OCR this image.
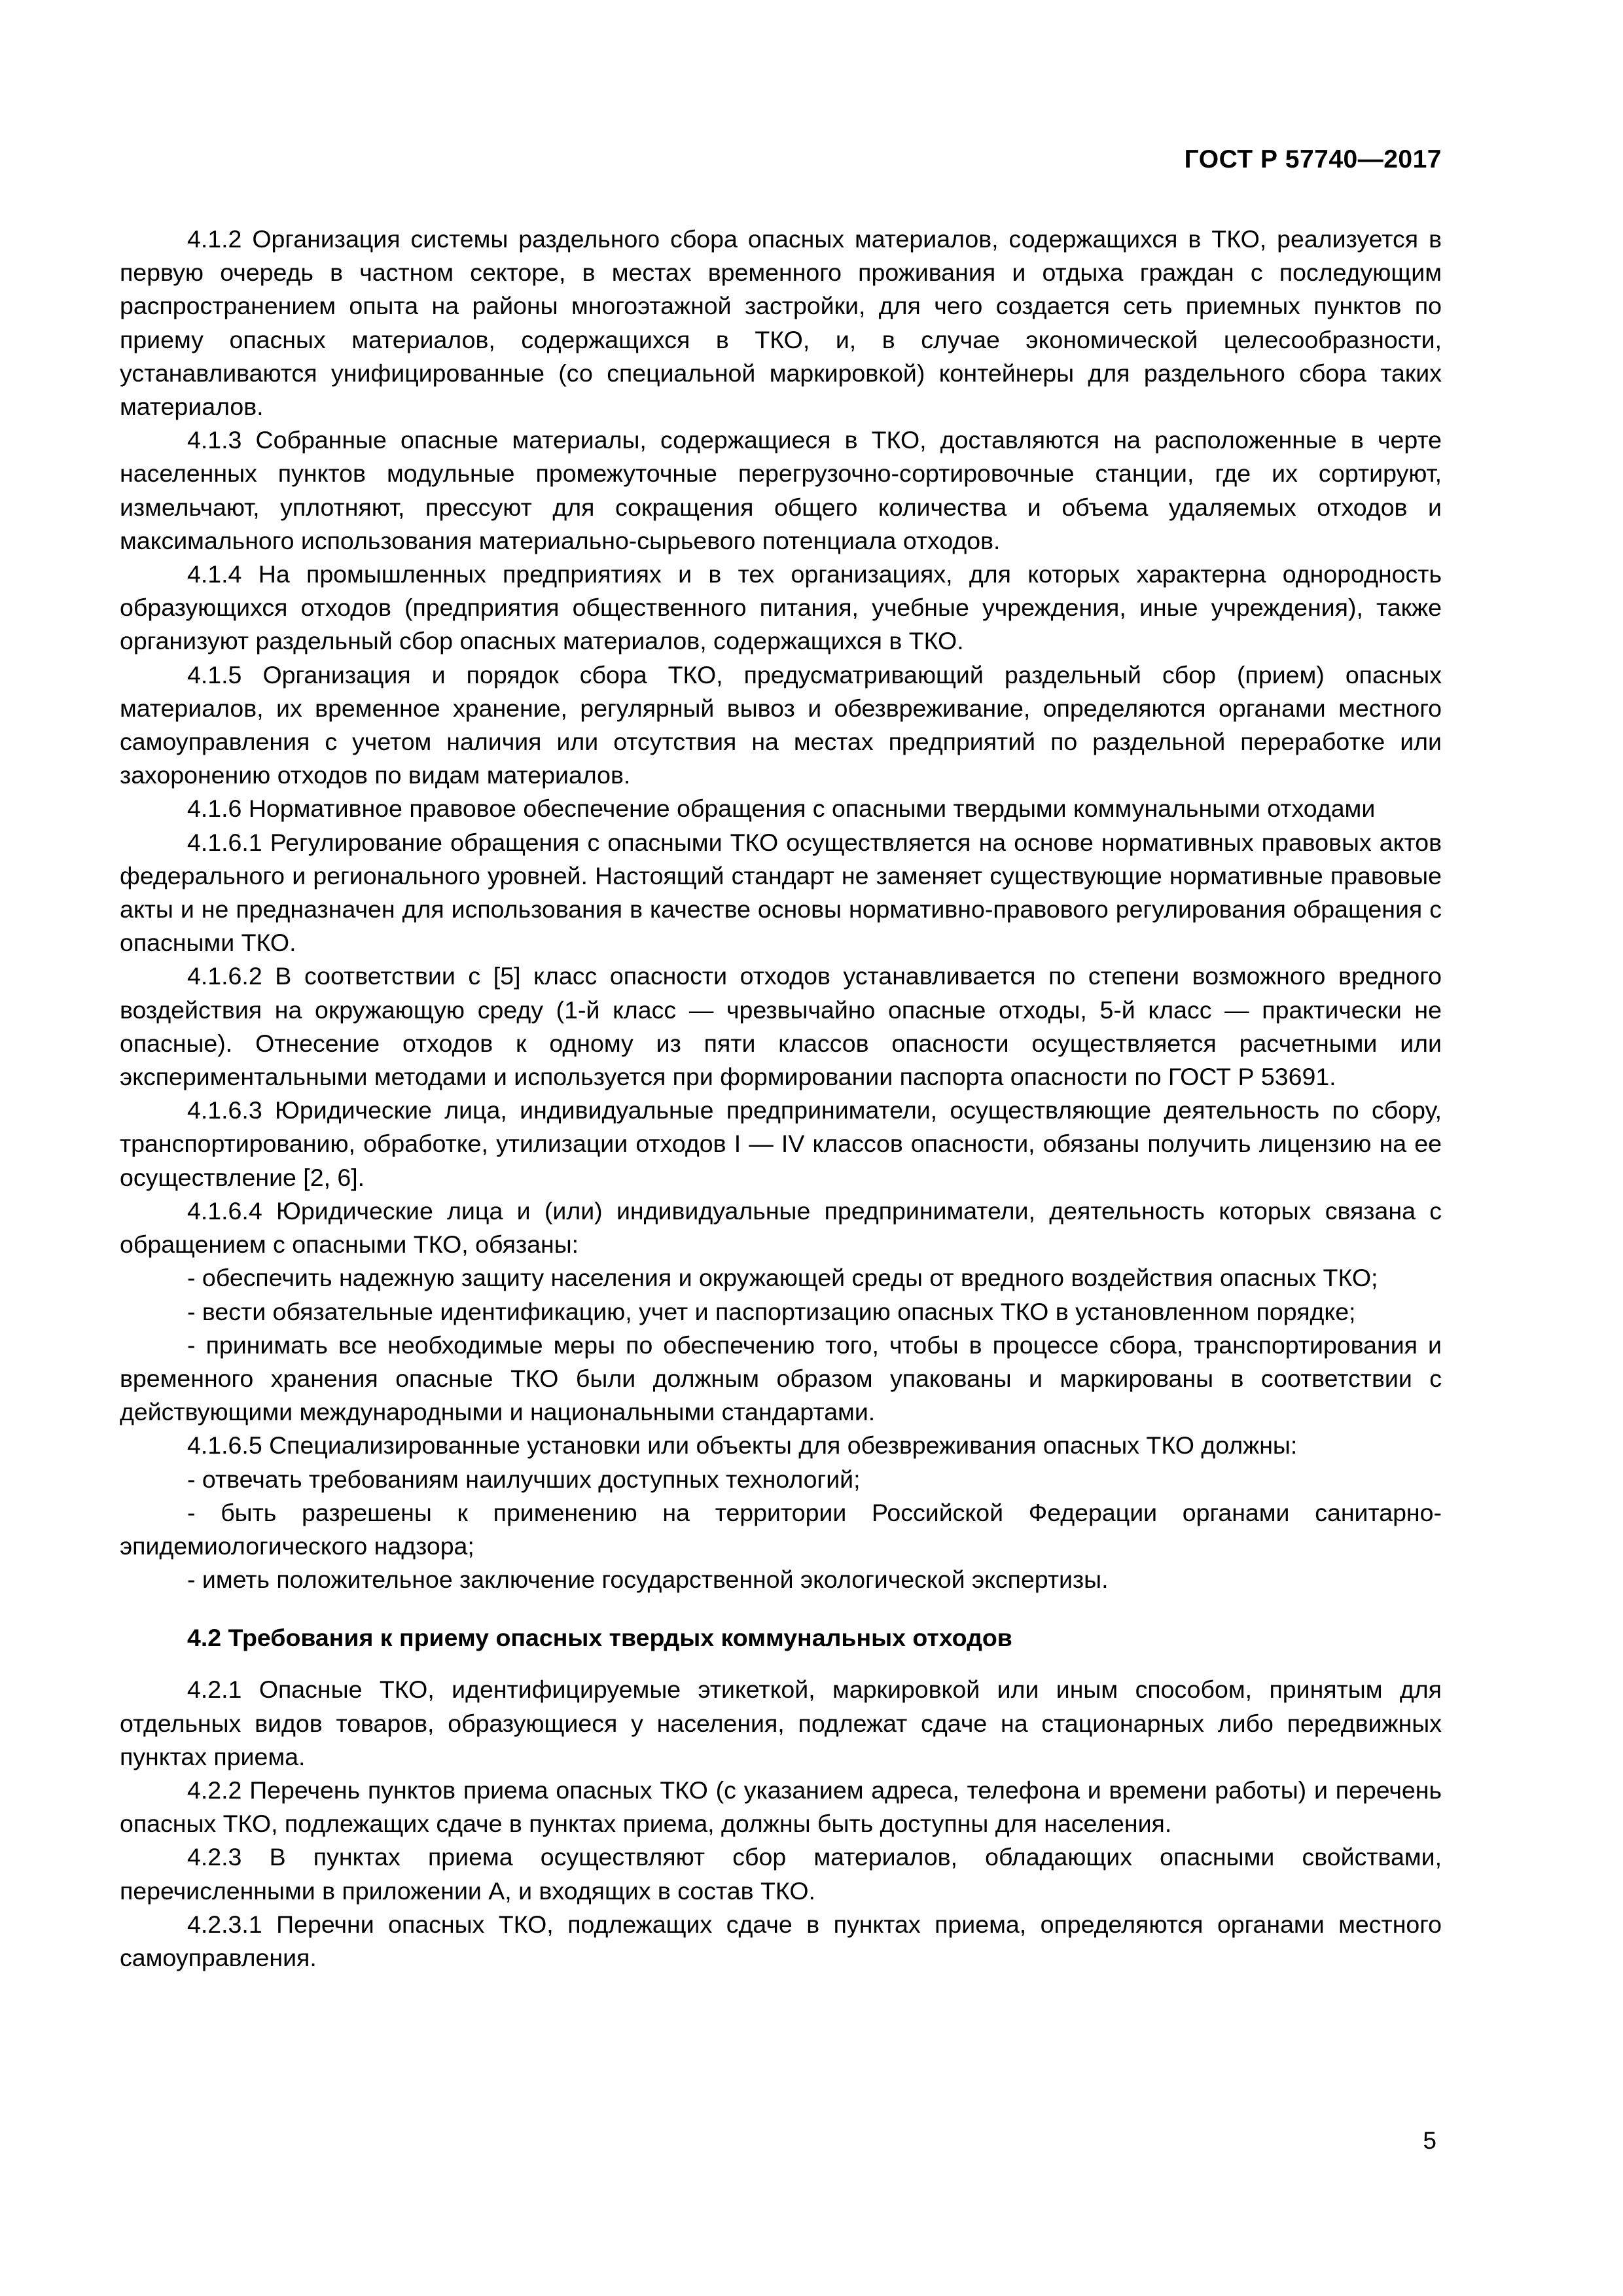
ГОСТ Р 57740—2017

4.1.2 Организация системы раздельного сбора опасных материалов, содержащихся в ТКО, реализуется в первую очередь в частном секторе, в местах временного проживания и отдыха граждан с последующим распространением опыта на районы многоэтажной застройки, для чего создается сеть приемных пунктов по приему опасных материалов, содержащихся в ТКО, и, в случае экономической целесообразности, устанавливаются унифицированные (со специальной маркировкой) контейнеры для раздельного сбора таких материалов.

4.1.3 Собранные опасные материалы, содержащиеся в ТКО, доставляются на расположенные в черте населенных пунктов модульные промежуточные перегрузочно-сортировочные станции, где их сортируют, измельчают, уплотняют, прессуют для сокращения общего количества и объема удаляемых отходов и максимального использования материально-сырьевого потенциала отходов.

4.1.4 На промышленных предприятиях и в тех организациях, для которых характерна однородность образующихся отходов (предприятия общественного питания, учебные учреждения, иные учреждения), также организуют раздельный сбор опасных материалов, содержащихся в ТКО.

4.1.5 Организация и порядок сбора ТКО, предусматривающий раздельный сбор (прием) опасных материалов, их временное хранение, регулярный вывоз и обезвреживание, определяются органами местного самоуправления с учетом наличия или отсутствия на местах предприятий по раздельной переработке или захоронению отходов по видам материалов.

4.1.6 Нормативное правовое обеспечение обращения с опасными твердыми коммунальными отходами

4.1.6.1 Регулирование обращения с опасными ТКО осуществляется на основе нормативных правовых актов федерального и регионального уровней. Настоящий стандарт не заменяет существующие нормативные правовые акты и не предназначен для использования в качестве основы нормативно-правового регулирования обращения с опасными ТКО.

4.1.6.2 В соответствии с [5] класс опасности отходов устанавливается по степени возможного вредного воздействия на окружающую среду (1-й класс — чрезвычайно опасные отходы, 5-й класс — практически не опасные). Отнесение отходов к одному из пяти классов опасности осуществляется расчетными или экспериментальными методами и используется при формировании паспорта опасности по ГОСТ Р 53691.

4.1.6.3 Юридические лица, индивидуальные предприниматели, осуществляющие деятельность по сбору, транспортированию, обработке, утилизации отходов I — IV классов опасности, обязаны получить лицензию на ее осуществление [2, 6].

4.1.6.4 Юридические лица и (или) индивидуальные предприниматели, деятельность которых связана с обращением с опасными ТКО, обязаны:

- обеспечить надежную защиту населения и окружающей среды от вредного воздействия опасных ТКО;

- вести обязательные идентификацию, учет и паспортизацию опасных ТКО в установленном порядке;

- принимать все необходимые меры по обеспечению того, чтобы в процессе сбора, транспортирования и временного хранения опасные ТКО были должным образом упакованы и маркированы в соответствии с действующими международными и национальными стандартами.

4.1.6.5 Специализированные установки или объекты для обезвреживания опасных ТКО должны:

- отвечать требованиям наилучших доступных технологий;

- быть разрешены к применению на территории Российской Федерации органами санитарно-эпидемиологического надзора;

- иметь положительное заключение государственной экологической экспертизы.

4.2 Требования к приему опасных твердых коммунальных отходов

4.2.1 Опасные ТКО, идентифицируемые этикеткой, маркировкой или иным способом, принятым для отдельных видов товаров, образующиеся у населения, подлежат сдаче на стационарных либо передвижных пунктах приема.

4.2.2 Перечень пунктов приема опасных ТКО (с указанием адреса, телефона и времени работы) и перечень опасных ТКО, подлежащих сдаче в пунктах приема, должны быть доступны для населения.

4.2.3 В пунктах приема осуществляют сбор материалов, обладающих опасными свойствами, перечисленными в приложении А, и входящих в состав ТКО.

4.2.3.1 Перечни опасных ТКО, подлежащих сдаче в пунктах приема, определяются органами местного самоуправления.

5
